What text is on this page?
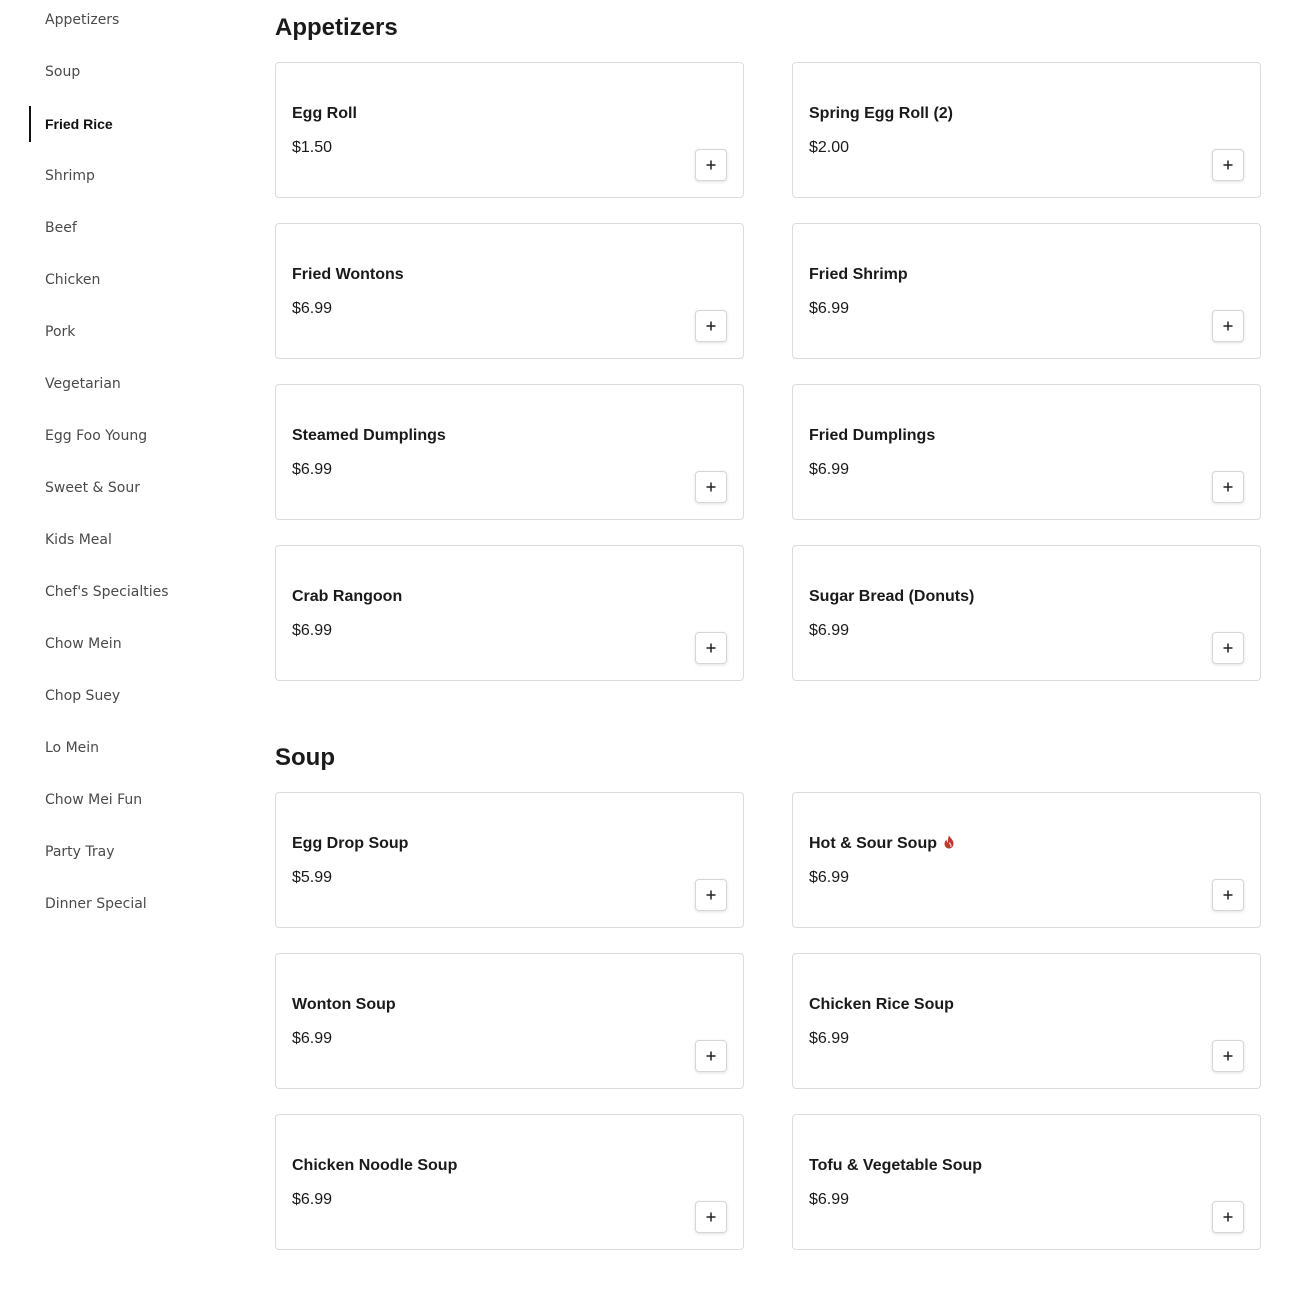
Appetizers
Soup
Fried Rice
Shrimp
Beef
Chicken
Pork
Vegetarian
Egg Foo Young
Sweet & Sour
Kids Meal
Chef's Specialties
Chow Mein
Chop Suey
Lo Mein
Chow Mei Fun
Party Tray
Dinner Special
Appetizers
Egg Roll
$1.50
Spring Egg Roll (2)
$2.00
Fried Wontons
$6.99
Fried Shrimp
$6.99
Steamed Dumplings
$6.99
Fried Dumplings
$6.99
Crab Rangoon
$6.99
Sugar Bread (Donuts)
$6.99
Soup
Egg Drop Soup
$5.99
Hot & Sour Soup
$6.99
Wonton Soup
$6.99
Chicken Rice Soup
$6.99
Chicken Noodle Soup
$6.99
Tofu & Vegetable Soup
$6.99
